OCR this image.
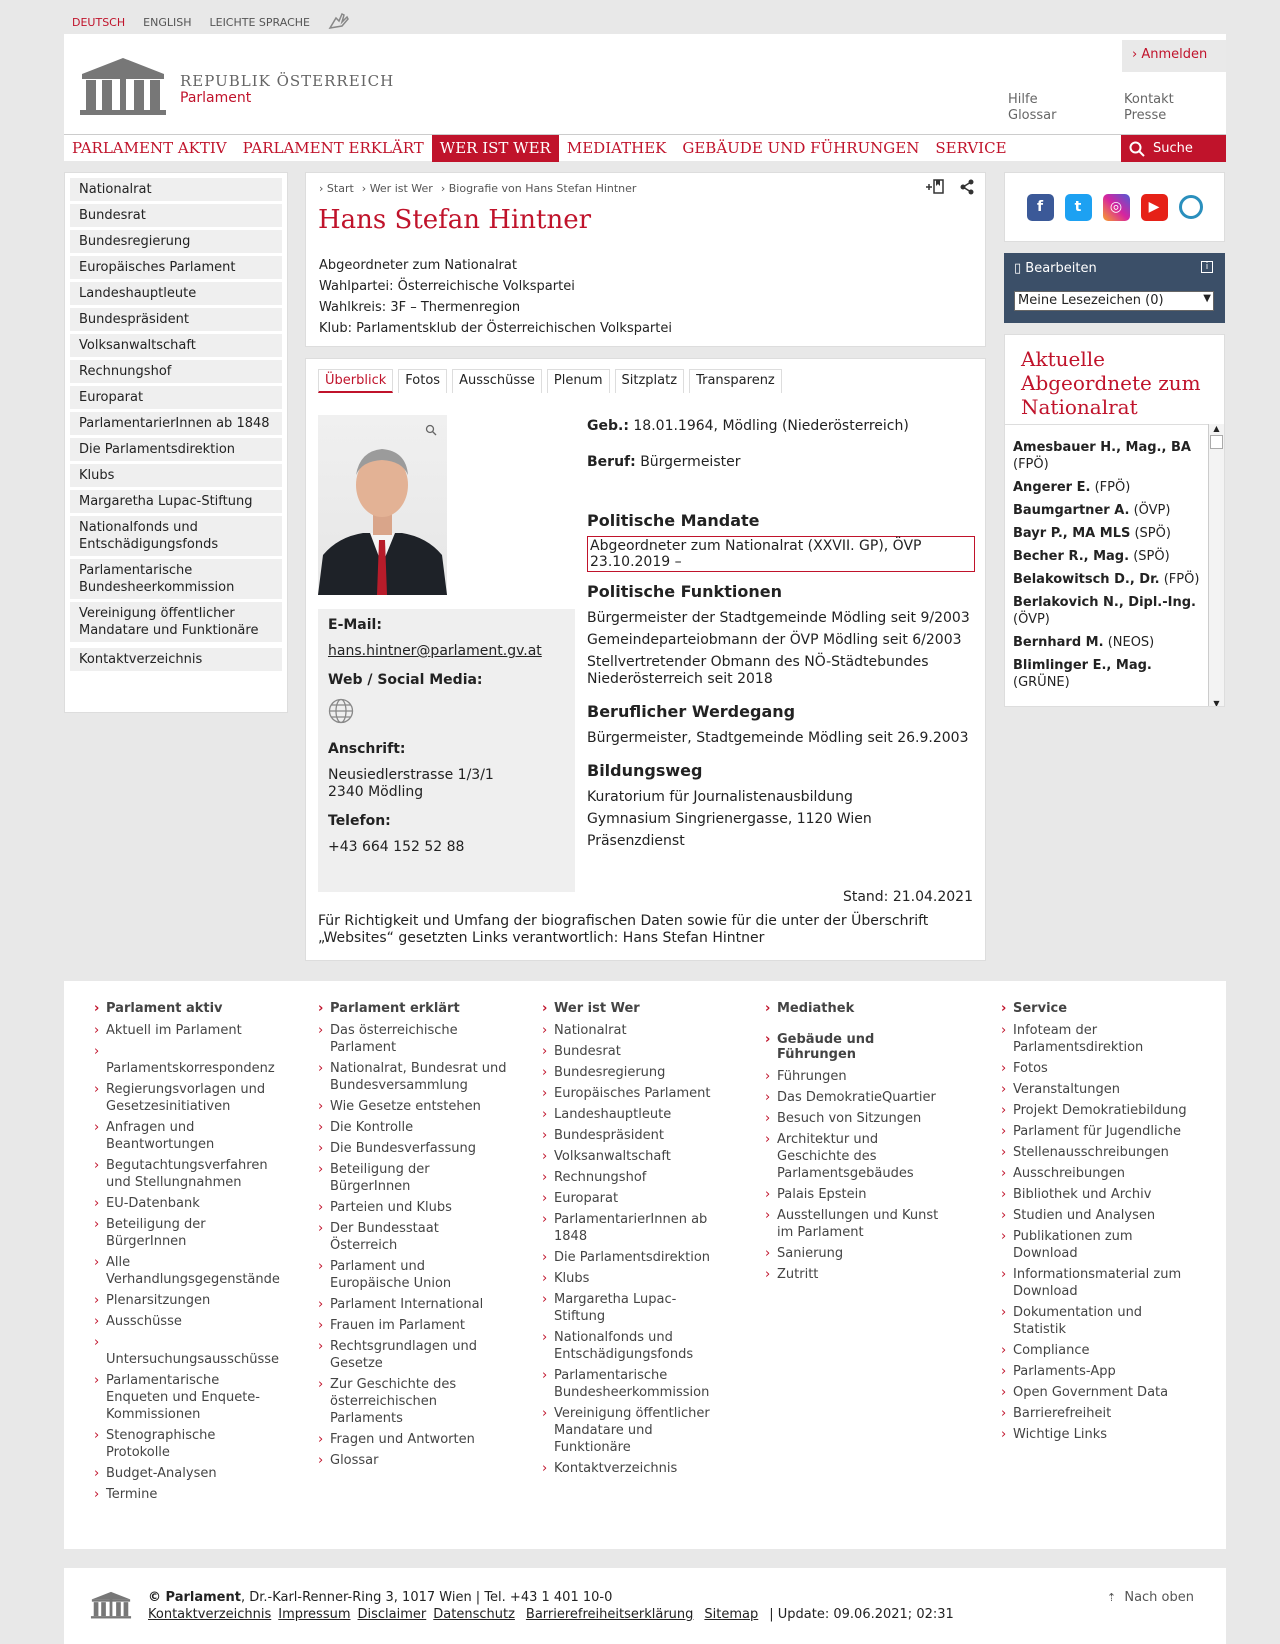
DEUTSCH ENGLISH LEICHTE SPRACHE
› Anmelden
REPUBLIK ÖSTERREICH
Parlament	Hilfe
Glossar
Kontakt
Presse
PARLAMENT AKTIV	PARLAMENT ERKLÄRT	WER IST WER	MEDIATHEK	GEBÄUDE UND FÜHRUNGEN	SERVICE	Suche
Nationalrat
Bundesrat
Bundesregierung
Europäisches Parlament
Landeshauptleute
Bundespräsident
Volksanwaltschaft
Rechnungshof
Europarat
ParlamentarierInnen ab 1848
Die Parlamentsdirektion
Klubs
Margaretha Lupac-Stiftung
Nationalfonds und Entschädigungsfonds
Parlamentarische Bundesheerkommission
Vereinigung öffentlicher Mandatare und Funktionäre
Kontaktverzeichnis
› Start › Wer ist Wer › Biografie von Hans Stefan Hintner
Hans Stefan Hintner
Abgeordneter zum Nationalrat
Wahlpartei: Österreichische Volkspartei
Wahlkreis: 3F – Thermenregion
Klub: Parlamentsklub der Österreichischen Volkspartei
Überblick	Fotos	Ausschüsse	Plenum	Sitzplatz	Transparenz
E-Mail:
hans.hintner@parlament.gv.at
Web / Social Media:
Anschrift:
Neusiedlerstrasse 1/3/1
2340 Mödling
Telefon:
+43 664 152 52 88
Geb.: 18.01.1964, Mödling (Niederösterreich)
Beruf: Bürgermeister
Politische Mandate
Abgeordneter zum Nationalrat (XXVII. GP), ÖVP
23.10.2019 –
Politische Funktionen
Bürgermeister der Stadtgemeinde Mödling seit 9/2003
Gemeindeparteiobmann der ÖVP Mödling seit 6/2003
Stellvertretender Obmann des NÖ-Städtebundes Niederösterreich seit 2018
Beruflicher Werdegang
Bürgermeister, Stadtgemeinde Mödling seit 26.9.2003
Bildungsweg
Kuratorium für Journalistenausbildung
Gymnasium Singrienergasse, 1120 Wien
Präsenzdienst
Stand: 21.04.2021
Für Richtigkeit und Umfang der biografischen Daten sowie für die unter der Überschrift „Websites“ gesetzten Links verantwortlich: Hans Stefan Hintner
f	t	◎	▶
▯ Bearbeiten	i
Meine Lesezeichen (0)	▼
Aktuelle Abgeordnete zum Nationalrat
Amesbauer H., Mag., BA (FPÖ)
Angerer E. (FPÖ)
Baumgartner A. (ÖVP)
Bayr P., MA MLS (SPÖ)
Becher R., Mag. (SPÖ)
Belakowitsch D., Dr. (FPÖ)
Berlakovich N., Dipl.-Ing. (ÖVP)
Bernhard M. (NEOS)
Blimlinger E., Mag. (GRÜNE)
▲
▼
› Parlament aktiv
› Aktuell im Parlament

› Parlamentskorrespondenz
› Regierungsvorlagen und Gesetzesinitiativen
› Anfragen und Beantwortungen
› Begutachtungsverfahren und Stellungnahmen
› EU-Datenbank
› Beteiligung der BürgerInnen
› Alle Verhandlungsgegenstände
› Plenarsitzungen
› Ausschüsse

› Untersuchungsausschüsse
› Parlamentarische Enqueten und Enquete-Kommissionen
› Stenographische Protokolle
› Budget-Analysen
› Termine
› Parlament erklärt
› Das österreichische Parlament
› Nationalrat, Bundesrat und Bundesversammlung
› Wie Gesetze entstehen
› Die Kontrolle
› Die Bundesverfassung
› Beteiligung der BürgerInnen
› Parteien und Klubs
› Der Bundesstaat Österreich
› Parlament und Europäische Union
› Parlament International
› Frauen im Parlament
› Rechtsgrundlagen und Gesetze
› Zur Geschichte des österreichischen Parlaments
› Fragen und Antworten
› Glossar
› Wer ist Wer
› Nationalrat
› Bundesrat
› Bundesregierung
› Europäisches Parlament
› Landeshauptleute
› Bundespräsident
› Volksanwaltschaft
› Rechnungshof
› Europarat
› ParlamentarierInnen ab 1848
› Die Parlamentsdirektion
› Klubs
› Margaretha Lupac-Stiftung
› Nationalfonds und Entschädigungsfonds
› Parlamentarische Bundesheerkommission
› Vereinigung öffentlicher Mandatare und Funktionäre
› Kontaktverzeichnis
› Mediathek
› Gebäude und Führungen
› Führungen
› Das DemokratieQuartier
› Besuch von Sitzungen
› Architektur und Geschichte des Parlamentsgebäudes
› Palais Epstein
› Ausstellungen und Kunst im Parlament
› Sanierung
› Zutritt
› Service
› Infoteam der Parlamentsdirektion
› Fotos
› Veranstaltungen
› Projekt Demokratiebildung
› Parlament für Jugendliche
› Stellenausschreibungen
› Ausschreibungen
› Bibliothek und Archiv
› Studien und Analysen
› Publikationen zum Download
› Informationsmaterial zum Download
› Dokumentation und Statistik
› Compliance
› Parlaments-App
› Open Government Data
› Barrierefreiheit
› Wichtige Links
© Parlament, Dr.-Karl-Renner-Ring 3, 1017 Wien | Tel. +43 1 401 10-0
Kontaktverzeichnis Impressum Disclaimer Datenschutz Barrierefreiheitserklärung Sitemap | Update: 09.06.2021; 02:31
⇡ Nach oben
